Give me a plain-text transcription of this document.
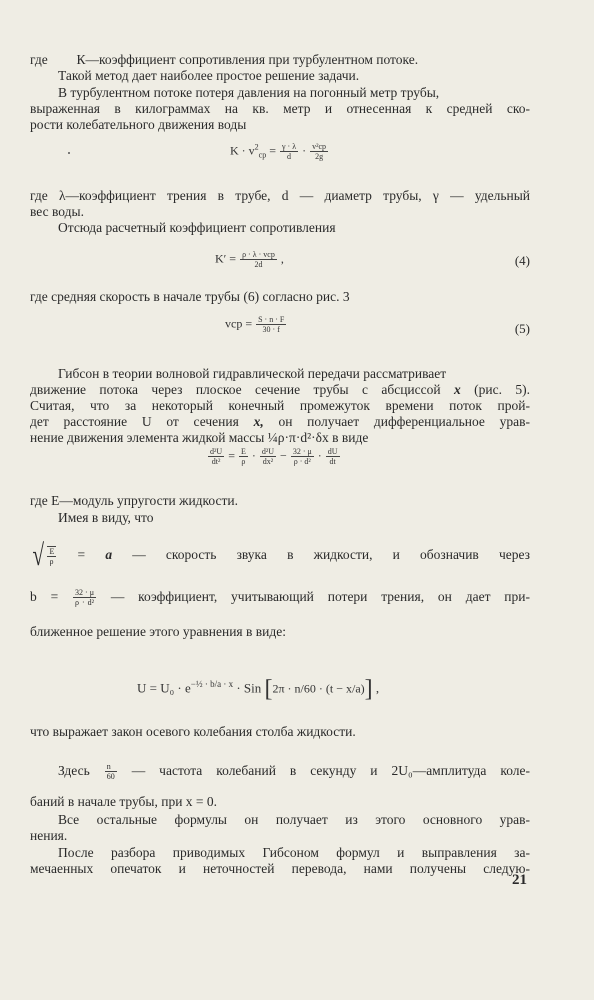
где К—коэффициент сопротивления при турбулентном потоке.
Такой метод дает наиболее простое решение задачи.
В турбулентном потоке потеря давления на погонный метр трубы,
выраженная в килограммах на кв. метр и отнесенная к средней ско-
рости колебательного движения воды
$K \cdot v^2_{cp} = \frac{\gamma \cdot \lambda}{d} \cdot \frac{\text{v²cp}}{2g}$
где λ—коэффициент трения в трубе, d — диаметр трубы, γ — удельный
вес воды.
Отсюда расчетный коэффициент сопротивления
$K' = \frac{\text{ρ · λ · vcp}}{2d}$ ,	(4)
где средняя скорость в начале трубы (6) согласно рис. 3
vcp = $\frac{S \cdot n \cdot F}{30 \cdot f}$	(5)
Гибсон в теории волновой гидравлической передачи рассматривает
движение потока через плоское сечение трубы с абсциссой x (рис. 5).
Считая, что за некоторый конечный промежуток времени поток прой-
дет расстояние U от сечения x, он получает дифференциальное урав-
нение движения элемента жидкой массы ¼ρ·π·d²·δx в виде
$\frac{\text{d²U}}{\text{dt²}} = \frac{E}{\rho} \cdot \frac{\text{d²U}}{\text{dx²}} - \frac{32 \cdot \mu}{\text{ρ · d²}} \cdot \frac{dU}{dt}$
где E—модуль упругости жидкости.
Имея в виду, что
√ $\frac{E}{\rho} = a$ — скорость звука в жидкости, и обозначив через
$b = \frac{32 \cdot \mu}{\text{ρ · d²}}$ — коэффициент, учитывающий потери трения, он дает при-
ближенное решение этого уравнения в виде:
$U = U_0 \cdot e^{-\frac{1}{2} \cdot b/a \cdot x}$ · Sin [2π · n/60 · (t − x/a)] ,
что выражает закон осевого колебания столба жидкости.
Здесь $\frac{n}{60}$ — частота колебаний в секунду и 2U₀—амплитуда коле-
баний в начале трубы, при x = 0.
Все остальные формулы он получает из этого основного урав-
нения.
После разбора приводимых Гибсоном формул и выправления за-
мечаенных опечаток и неточностей перевода, нами получены следую-
21
